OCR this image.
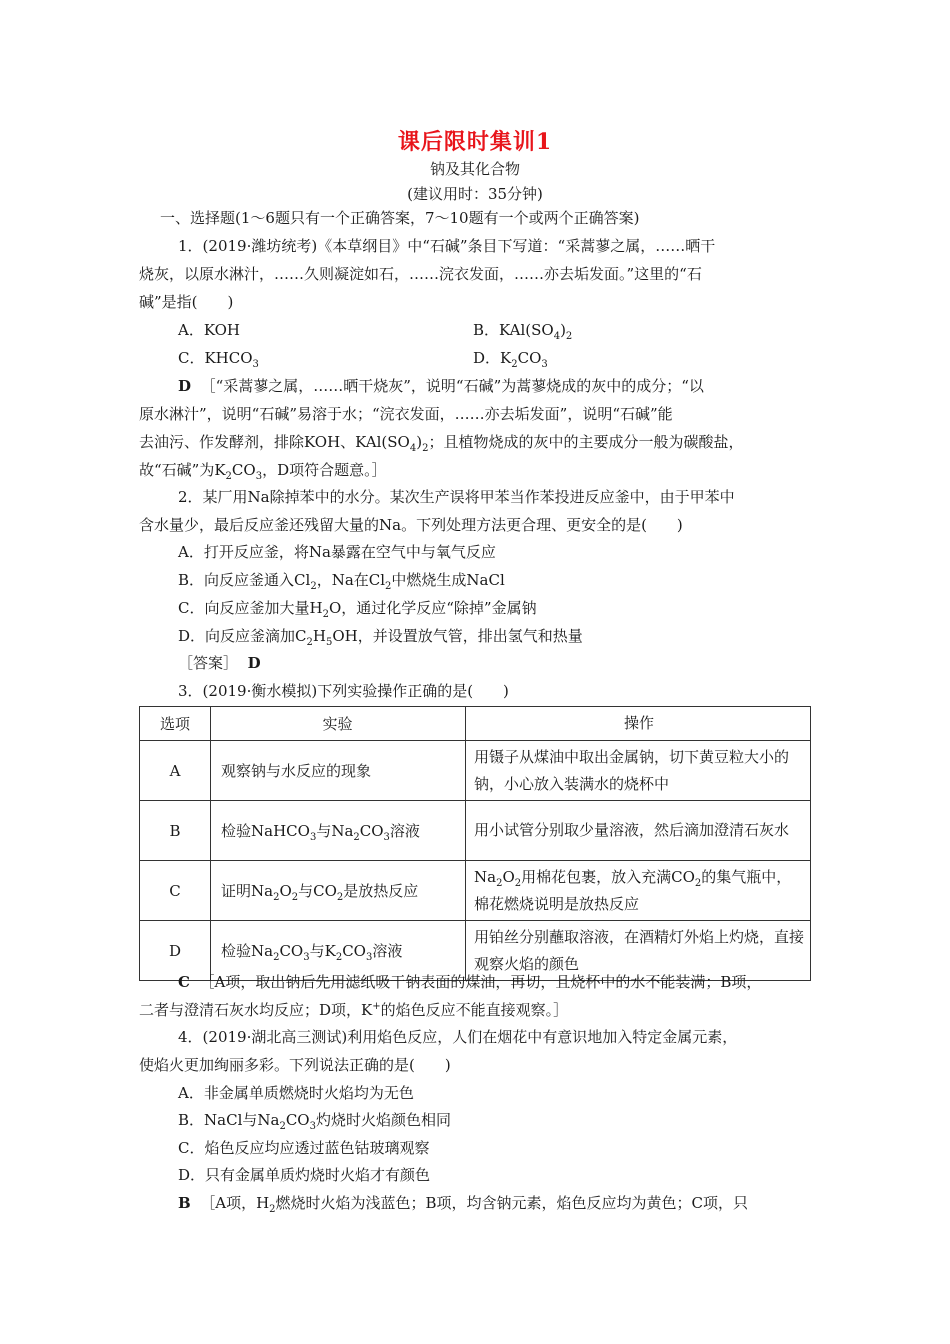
课后限时集训1
钠及其化合物
(建议用时：35分钟)
一、选择题(1～6题只有一个正确答案，7～10题有一个或两个正确答案)
1．(2019·潍坊统考)《本草纲目》中“石碱”条目下写道：“采蒿蓼之属，……晒干
烧灰，以原水淋汁，……久则凝淀如石，……浣衣发面，……亦去垢发面。”这里的“石
碱”是指(　　)
A．KOH	B．$KAl(SO_4)_2$
C．$KHCO_3$	D．$K_2CO_3$
D ［“采蒿蓼之属，……晒干烧灰”，说明“石碱”为蒿蓼烧成的灰中的成分；“以
原水淋汁”，说明“石碱”易溶于水；“浣衣发面，……亦去垢发面”，说明“石碱”能
去油污、作发酵剂，排除KOH、$KAl(SO_4)_2$；且植物烧成的灰中的主要成分一般为碳酸盐，
故“石碱”为$K_2CO_3$，D项符合题意。］
2．某厂用Na除掉苯中的水分。某次生产误将甲苯当作苯投进反应釜中，由于甲苯中
含水量少，最后反应釜还残留大量的Na。下列处理方法更合理、更安全的是(　　)
A．打开反应釜，将Na暴露在空气中与氧气反应
B．向反应釜通入$Cl_2$，Na在$Cl_2$中燃烧生成NaCl
C．向反应釜加大量$H_2O$，通过化学反应“除掉”金属钠
D．向反应釜滴加$C_2H_5OH$，并设置放气管，排出氢气和热量
［答案］ D
3．(2019·衡水模拟)下列实验操作正确的是(　　)
选项	实验	操作
A	观察钠与水反应的现象	用镊子从煤油中取出金属钠，切下黄豆粒大小的钠，小心放入装满水的烧杯中
B	检验NaHCO$_3$与$Na_2CO_3$溶液	用小试管分别取少量溶液，然后滴加澄清石灰水
C	证明$Na_2O_2$与$CO_2$是放热反应	$Na_2O_2$用棉花包裹，放入充满$CO_2$的集气瓶中，棉花燃烧说明是放热反应
D	检验$Na_2CO_3$与$K_2CO_3$溶液	用铂丝分别蘸取溶液，在酒精灯外焰上灼烧，直接观察火焰的颜色
C ［A项，取出钠后先用滤纸吸干钠表面的煤油，再切，且烧杯中的水不能装满；B项，
二者与澄清石灰水均反应；D项，K+的焰色反应不能直接观察。］
4．(2019·湖北高三测试)利用焰色反应，人们在烟花中有意识地加入特定金属元素，
使焰火更加绚丽多彩。下列说法正确的是(　　)
A．非金属单质燃烧时火焰均为无色
B．NaCl与$Na_2CO_3$灼烧时火焰颜色相同
C．焰色反应均应透过蓝色钴玻璃观察
D．只有金属单质灼烧时火焰才有颜色
B ［A项，$H_2$燃烧时火焰为浅蓝色；B项，均含钠元素，焰色反应均为黄色；C项，只
